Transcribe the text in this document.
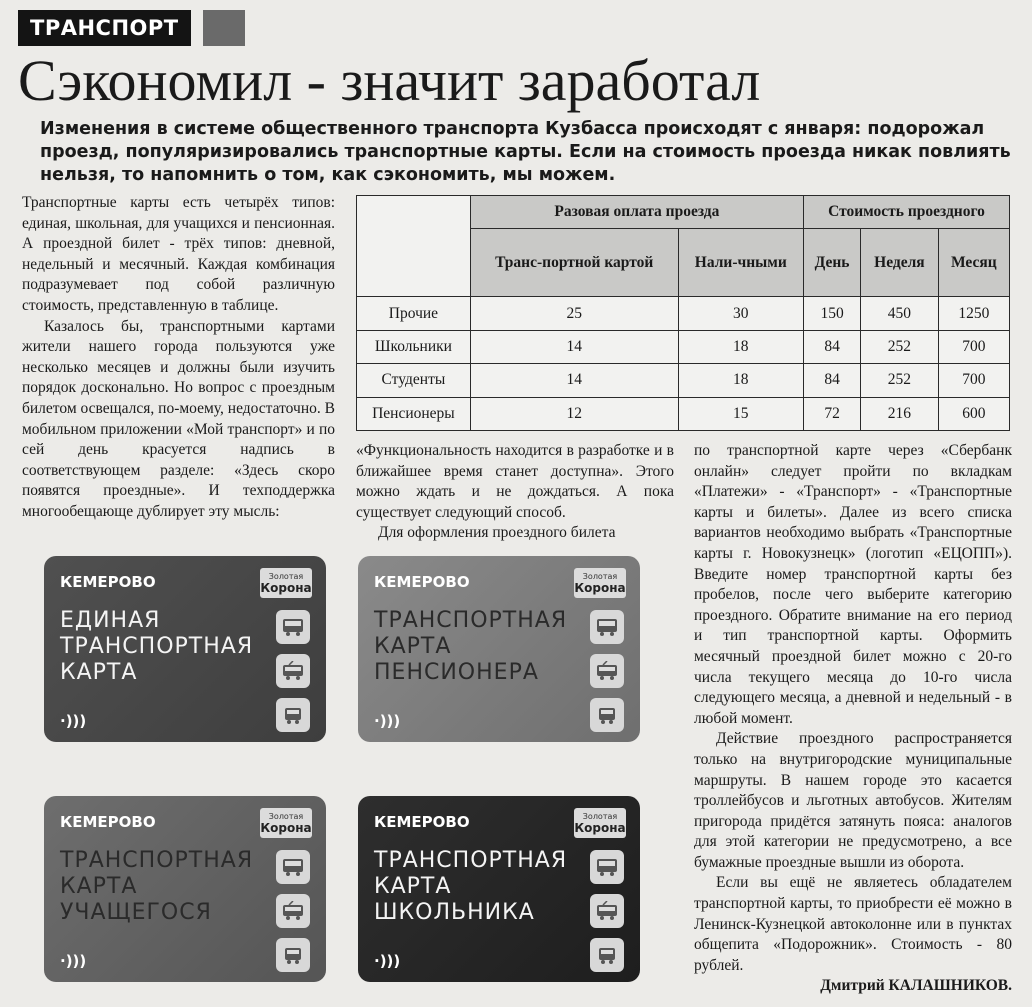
ТРАНСПОРТ
Сэкономил - значит заработал

Изменения в системе общественного транспорта Кузбасса происходят с января: подорожал проезд, популяризировались транспортные карты. Если на стоимость проезда никак повлиять нельзя, то напомнить о том, как сэкономить, мы можем.

Транспортные карты есть четырёх типов: единая, школьная, для учащихся и пенсионная. А проездной билет - трёх типов: дневной, недельный и месячный. Каждая комбинация подразумевает под собой различную стоимость, представленную в таблице.

Казалось бы, транспортными картами жители нашего города пользуются уже несколько месяцев и должны были изучить порядок досконально. Но вопрос с проездным билетом освещался, по-моему, недостаточно. В мобильном приложении «Мой транспорт» и по сей день красуется надпись в соответствующем разделе: «Здесь скоро появятся проездные». И техподдержка многообещающе дублирует эту мысль:

	Разовая оплата проезда		Стоимость проездного		
	Транс-портной картой	Нали-чными	День	Неделя	Месяц
Прочие	25	30	150	450	1250
Школьники	14	18	84	252	700
Студенты	14	18	84	252	700
Пенсионеры	12	15	72	216	600

«Функциональность находится в разработке и в ближайшее время станет доступна». Этого можно ждать и не дождаться. А пока существует следующий способ.

Для оформления проездного билета

по транспортной карте через «Сбербанк онлайн» следует пройти по вкладкам «Платежи» - «Транспорт» - «Транспортные карты и билеты». Далее из всего списка вариантов необходимо выбрать «Транспортные карты г. Новокузнецк» (логотип «ЕЦОПП»). Введите номер транспортной карты без пробелов, после чего выберите категорию проездного. Обратите внимание на его период и тип транспортной карты. Оформить месячный проездной билет можно с 20-го числа текущего месяца до 10-го числа следующего месяца, а дневной и недельный - в любой момент.

Действие проездного распространяется только на внутригородские муниципальные маршруты. В нашем городе это касается троллейбусов и льготных автобусов. Жителям пригорода придётся затянуть пояса: аналогов для этой категории не предусмотрено, а все бумажные проездные вышли из оборота.

Если вы ещё не являетесь обладателем транспортной карты, то приобрести её можно в Ленинск-Кузнецкой автоколонне или в пунктах общепита «Подорожник». Стоимость - 80 рублей.

Дмитрий КАЛАШНИКОВ.

КЕМЕРОВО	Золотая
Корона
ЕДИНАЯ ТРАНСПОРТНАЯ КАРТА
·)))
КЕМЕРОВО	Золотая
Корона
ТРАНСПОРТНАЯ КАРТА ПЕНСИОНЕРА
·)))
КЕМЕРОВО	Золотая
Корона
ТРАНСПОРТНАЯ КАРТА УЧАЩЕГОСЯ
·)))
КЕМЕРОВО	Золотая
Корона
ТРАНСПОРТНАЯ КАРТА ШКОЛЬНИКА
·)))
